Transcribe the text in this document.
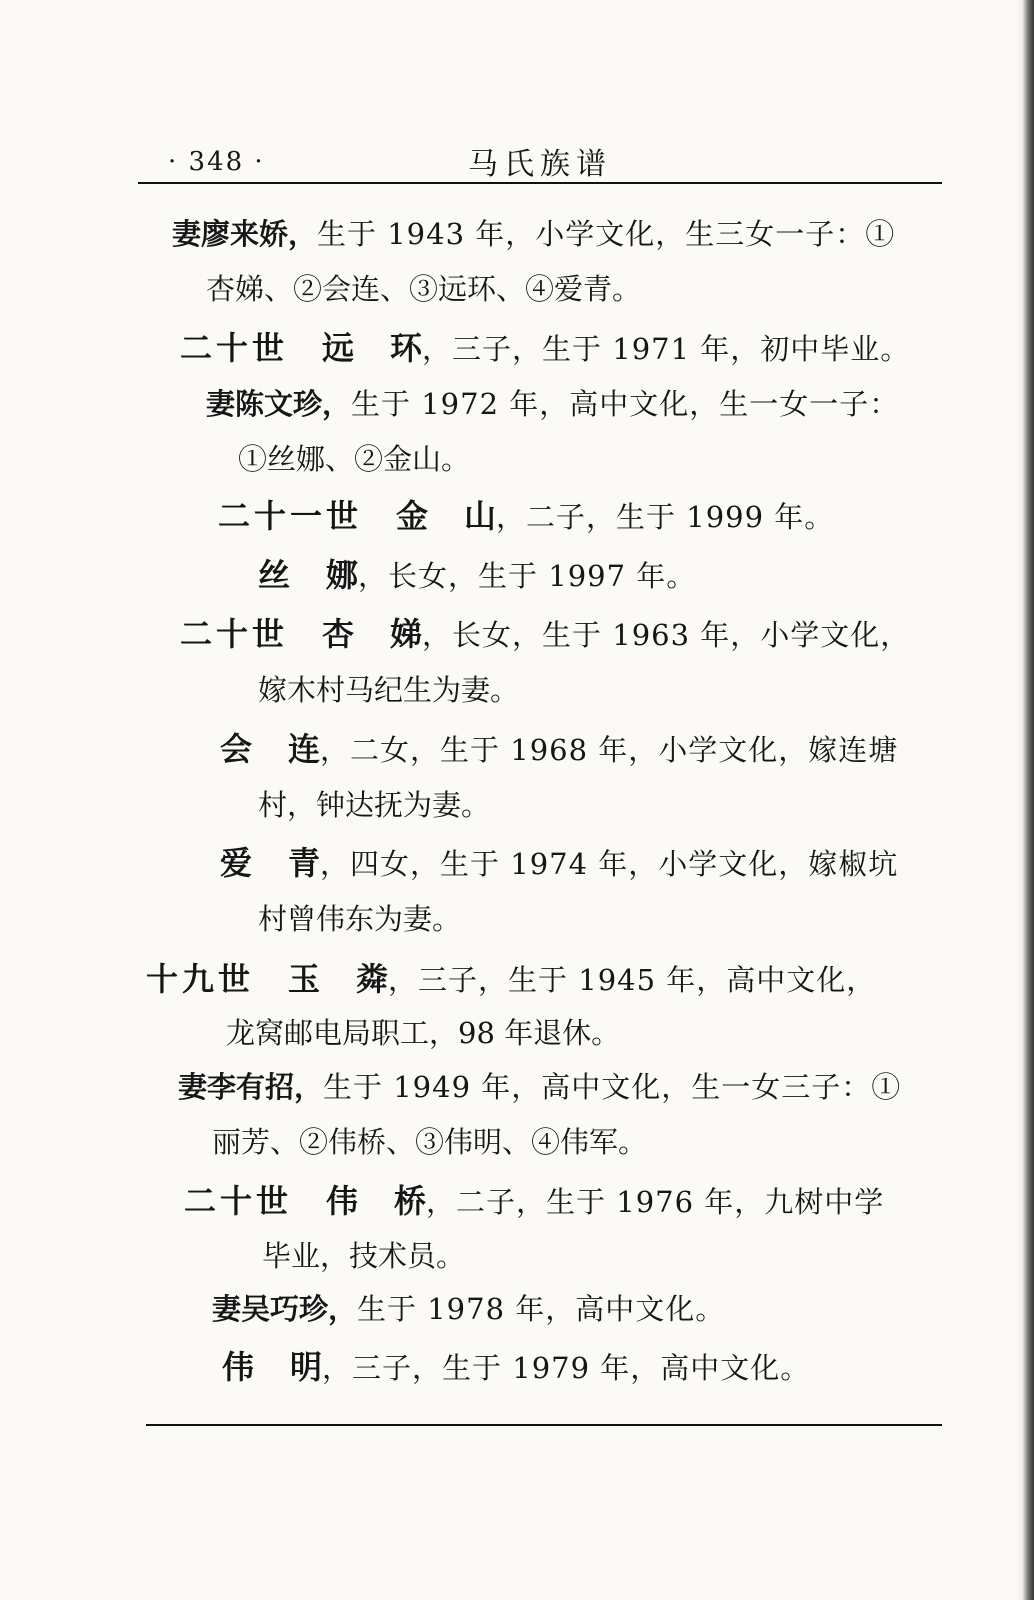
· 348 ·	马氏族谱
妻廖来娇，生于 1943 年，小学文化，生三女一子：①
杏娣、②会连、③远环、④爱青。
二十世 远环，三子，生于 1971 年，初中毕业。
妻陈文珍，生于 1972 年，高中文化，生一女一子：
①丝娜、②金山。
二十一世 金山，二子，生于 1999 年。
丝娜，长女，生于 1997 年。
二十世 杏娣，长女，生于 1963 年，小学文化，
嫁木村马纪生为妻。
会连，二女，生于 1968 年，小学文化，嫁连塘
村，钟达抚为妻。
爱青，四女，生于 1974 年，小学文化，嫁椒坑
村曾伟东为妻。
十九世 玉粦，三子，生于 1945 年，高中文化，
龙窝邮电局职工，98 年退休。
妻李有招，生于 1949 年，高中文化，生一女三子：①
丽芳、②伟桥、③伟明、④伟军。
二十世 伟桥，二子，生于 1976 年，九树中学
毕业，技术员。
妻吴巧珍，生于 1978 年，高中文化。
伟明，三子，生于 1979 年，高中文化。
